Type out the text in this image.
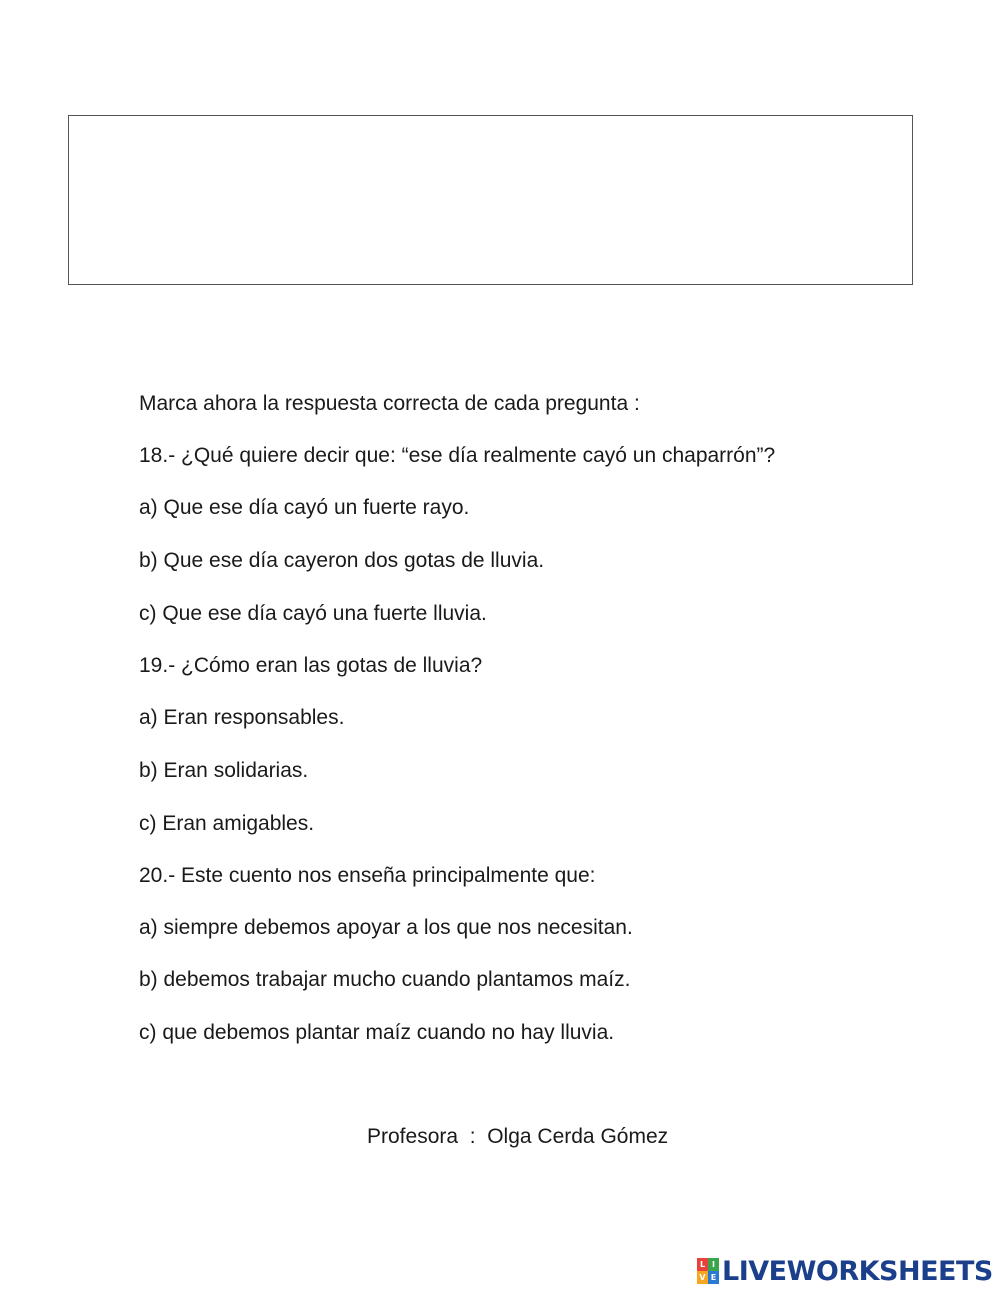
Marca ahora la respuesta correcta de cada pregunta :
18.- ¿Qué quiere decir que: “ese día realmente cayó un chaparrón”?
a) Que ese día cayó un fuerte rayo.
b) Que ese día cayeron dos gotas de lluvia.
c) Que ese día cayó una fuerte lluvia.
19.- ¿Cómo eran las gotas de lluvia?
a) Eran responsables.
b) Eran solidarias.
c) Eran amigables.
20.- Este cuento nos enseña principalmente que:
a) siempre debemos apoyar a los que nos necesitan.
b) debemos trabajar mucho cuando plantamos maíz.
c) que debemos plantar maíz cuando no hay lluvia.
Profesora  :  Olga Cerda Gómez
L I
V E LIVEWORKSHEETS
